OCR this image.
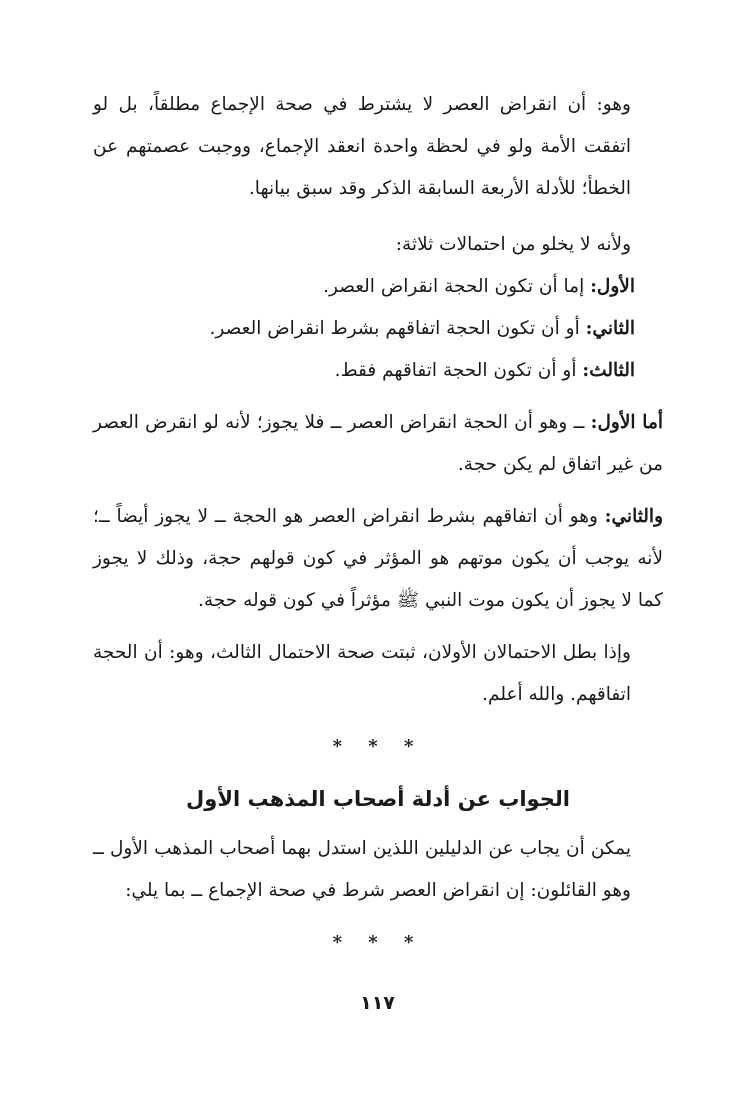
وهو: أن انقراض العصر لا يشترط في صحة الإجماع مطلقاً، بل لو اتفقت الأمة ولو في لحظة واحدة انعقد الإجماع، ووجبت عصمتهم عن الخطأ؛ للأدلة الأربعة السابقة الذكر وقد سبق بيانها.

ولأنه لا يخلو من احتمالات ثلاثة:

الأول: إما أن تكون الحجة انقراض العصر.

الثاني: أو أن تكون الحجة اتفاقهم بشرط انقراض العصر.

الثالث: أو أن تكون الحجة اتفاقهم فقط.

أما الأول: ــ وهو أن الحجة انقراض العصر ــ فلا يجوز؛ لأنه لو انقرض العصر من غير اتفاق لم يكن حجة.

والثاني: وهو أن اتفاقهم بشرط انقراض العصر هو الحجة ــ لا يجوز أيضاً ــ؛ لأنه يوجب أن يكون موتهم هو المؤثر في كون قولهم حجة، وذلك لا يجوز كما لا يجوز أن يكون موت النبي ﷺ مؤثراً في كون قوله حجة.

وإذا بطل الاحتمالان الأولان، ثبتت صحة الاحتمال الثالث، وهو: أن الحجة اتفاقهم. والله أعلم.

* * *
الجواب عن أدلة أصحاب المذهب الأول

يمكن أن يجاب عن الدليلين اللذين استدل بهما أصحاب المذهب الأول ــ وهو القائلون: إن انقراض العصر شرط في صحة الإجماع ــ بما يلي:

* * *
١١٧
